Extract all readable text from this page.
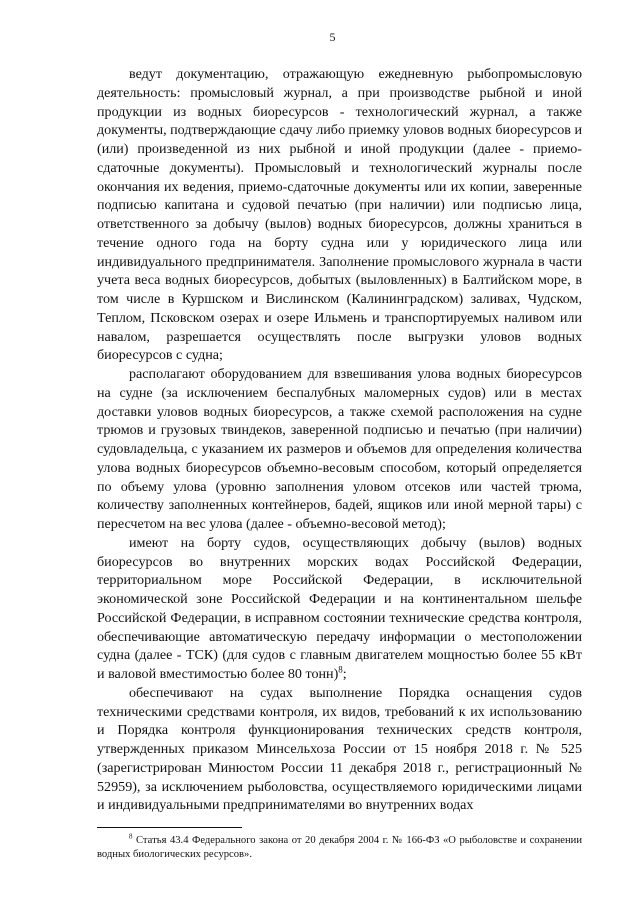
5

ведут документацию, отражающую ежедневную рыбопромысловую деятельность: промысловый журнал, а при производстве рыбной и иной продукции из водных биоресурсов - технологический журнал, а также документы, подтверждающие сдачу либо приемку уловов водных биоресурсов и (или) произведенной из них рыбной и иной продукции (далее - приемо-сдаточные документы). Промысловый и технологический журналы после окончания их ведения, приемо-сдаточные документы или их копии, заверенные подписью капитана и судовой печатью (при наличии) или подписью лица, ответственного за добычу (вылов) водных биоресурсов, должны храниться в течение одного года на борту судна или у юридического лица или индивидуального предпринимателя. Заполнение промыслового журнала в части учета веса водных биоресурсов, добытых (выловленных) в Балтийском море, в том числе в Куршском и Вислинском (Калининградском) заливах, Чудском, Теплом, Псковском озерах и озере Ильмень и транспортируемых наливом или навалом, разрешается осуществлять после выгрузки уловов водных биоресурсов с судна;

располагают оборудованием для взвешивания улова водных биоресурсов на судне (за исключением беспалубных маломерных судов) или в местах доставки уловов водных биоресурсов, а также схемой расположения на судне трюмов и грузовых твиндеков, заверенной подписью и печатью (при наличии) судовладельца, с указанием их размеров и объемов для определения количества улова водных биоресурсов объемно-весовым способом, который определяется по объему улова (уровню заполнения уловом отсеков или частей трюма, количеству заполненных контейнеров, бадей, ящиков или иной мерной тары) с пересчетом на вес улова (далее - объемно-весовой метод);

имеют на борту судов, осуществляющих добычу (вылов) водных биоресурсов во внутренних морских водах Российской Федерации, территориальном море Российской Федерации, в исключительной экономической зоне Российской Федерации и на континентальном шельфе Российской Федерации, в исправном состоянии технические средства контроля, обеспечивающие автоматическую передачу информации о местоположении судна (далее - ТСК) (для судов с главным двигателем мощностью более 55 кВт и валовой вместимостью более 80 тонн)$^8$;

обеспечивают на судах выполнение Порядка оснащения судов техническими средствами контроля, их видов, требований к их использованию и Порядка контроля функционирования технических средств контроля, утвержденных приказом Минсельхоза России от 15 ноября 2018 г. № 525 (зарегистрирован Минюстом России 11 декабря 2018 г., регистрационный № 52959), за исключением рыболовства, осуществляемого юридическими лицами и индивидуальными предпринимателями во внутренних водах

$^8$ Статья 43.4 Федерального закона от 20 декабря 2004 г. № 166-ФЗ «О рыболовстве и сохранении водных биологических ресурсов».
